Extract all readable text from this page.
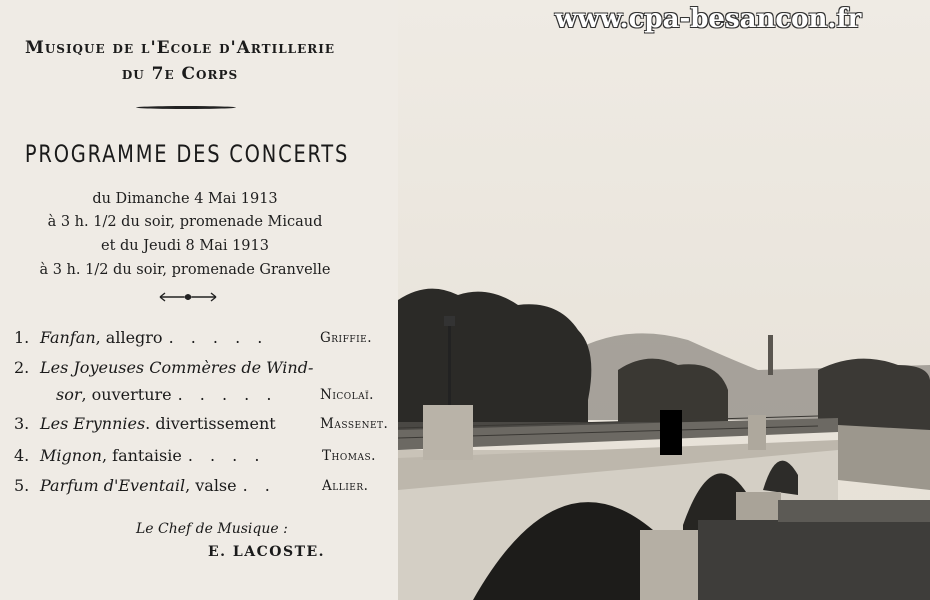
Musique de l'Ecole d'Artillerie
du 7e Corps
PROGRAMME DES CONCERTS
du Dimanche 4 Mai 1913
à 3 h. 1/2 du soir, promenade Micaud
et du Jeudi 8 Mai 1913
à 3 h. 1/2 du soir, promenade Granvelle
1. Fanfan, allegro . . . . .	Griffie.
2. Les Joyeuses Commères de Wind-
sor, ouverture . . . . .	Nicolaï.
3. Les Erynnies. divertissement	Massenet.
4. Mignon, fantaisie . . . .	Thomas.
5. Parfum d'Eventail, valse . .	Allier.
Le Chef de Musique :
E. LACOSTE.
www.cpa-besancon.fr
